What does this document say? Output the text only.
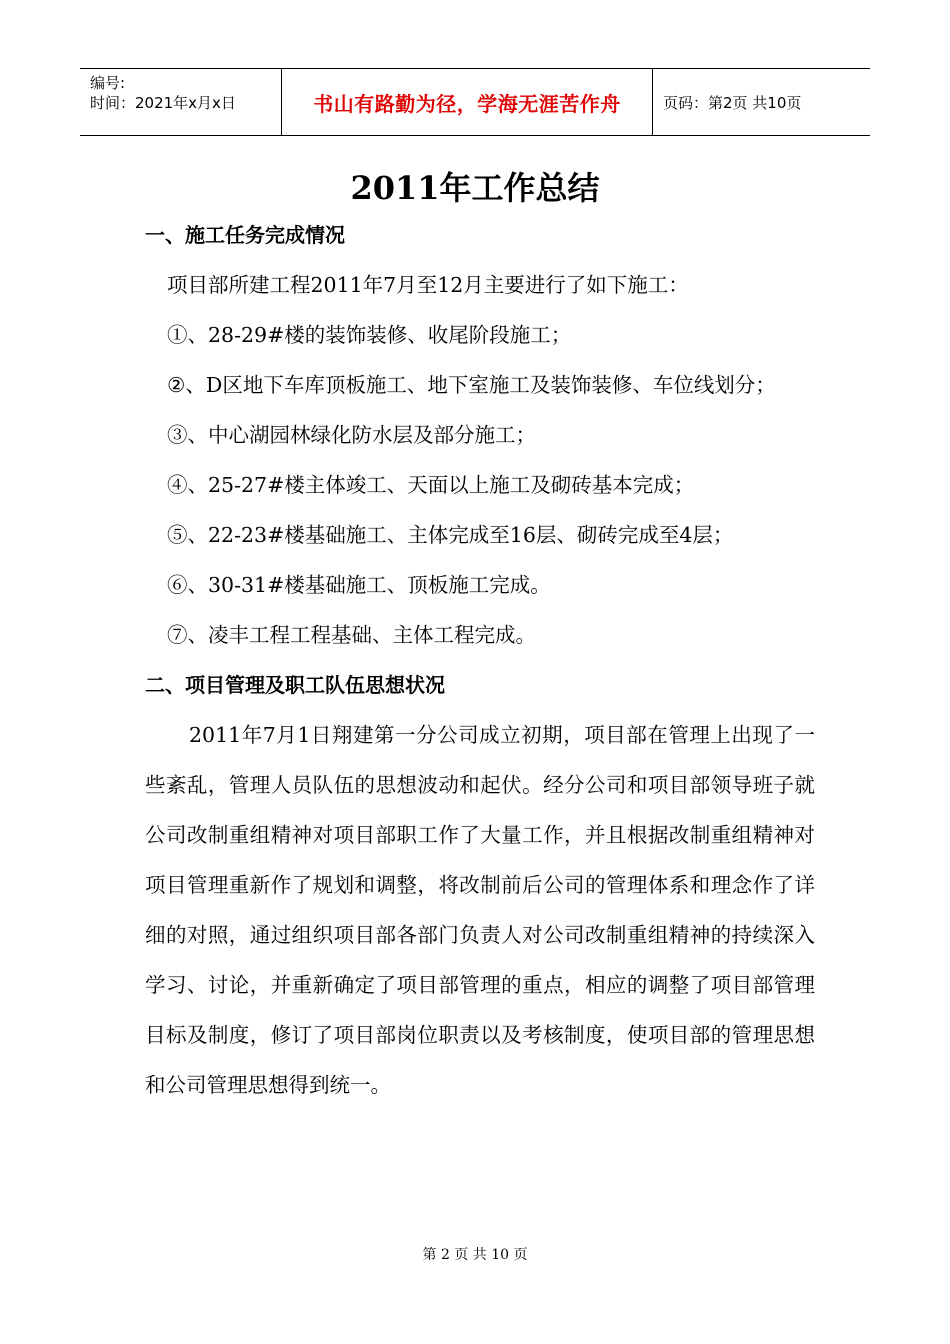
编号:
时间：2021年x月x日	书山有路勤为径，学海无涯苦作舟	页码：第2页 共10页
2011年工作总结

一、施工任务完成情况

项目部所建工程2011年7月至12月主要进行了如下施工：

①、28-29#楼的装饰装修、收尾阶段施工；

②、D区地下车库顶板施工、地下室施工及装饰装修、车位线划分；

③、中心湖园林绿化防水层及部分施工；

④、25-27#楼主体竣工、天面以上施工及砌砖基本完成；

⑤、22-23#楼基础施工、主体完成至16层、砌砖完成至4层；

⑥、30-31#楼基础施工、顶板施工完成。

⑦、凌丰工程工程基础、主体工程完成。

二、项目管理及职工队伍思想状况

2011年7月1日翔建第一分公司成立初期，项目部在管理上出现了一些紊乱，管理人员队伍的思想波动和起伏。经分公司和项目部领导班子就公司改制重组精神对项目部职工作了大量工作，并且根据改制重组精神对项目管理重新作了规划和调整，将改制前后公司的管理体系和理念作了详细的对照，通过组织项目部各部门负责人对公司改制重组精神的持续深入学习、讨论，并重新确定了项目部管理的重点，相应的调整了项目部管理目标及制度，修订了项目部岗位职责以及考核制度，使项目部的管理思想和公司管理思想得到统一。

第 2 页 共 10 页
